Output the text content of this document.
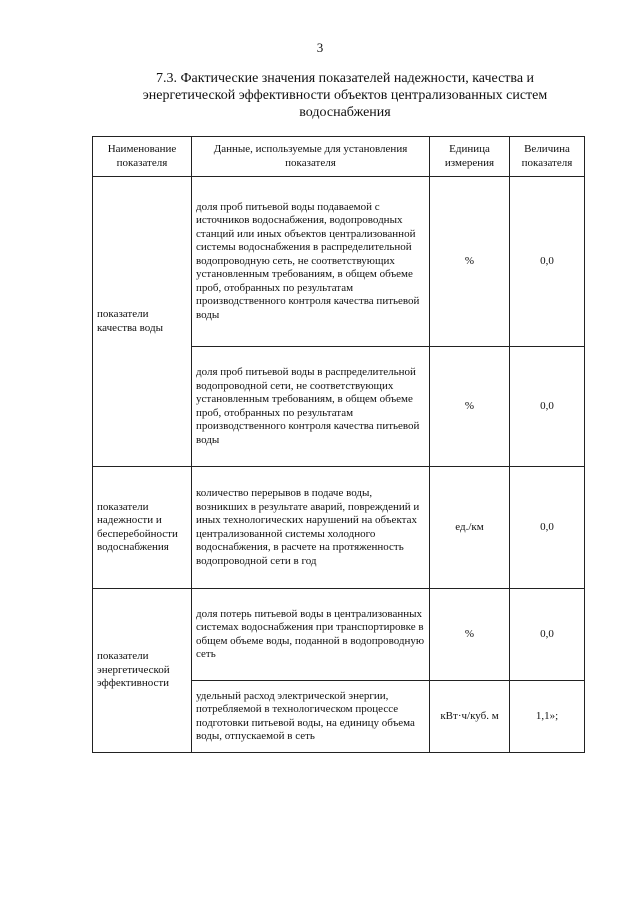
3
7.3. Фактические значения показателей надежности, качества и энергетической эффективности объектов централизованных систем водоснабжения
Наименование показателя	Данные, используемые для установления показателя	Единица измерения	Величина показателя
показатели качества воды	доля проб питьевой воды подаваемой с источников водоснабжения, водопроводных станций или иных объектов централизованной системы водоснабжения в распределительной водопроводную сеть, не соответствующих установленным требованиям, в общем объеме проб, отобранных по результатам производственного контроля качества питьевой воды	%	0,0
	доля проб питьевой воды в распределительной водопроводной сети, не соответствующих установленным требованиям, в общем объеме проб, отобранных по результатам производственного контроля качества питьевой воды	%	0,0
показатели надежности и бесперебойности водоснабжения	количество перерывов в подаче воды, возникших в результате аварий, повреждений и иных технологических нарушений на объектах централизованной системы холодного водоснабжения, в расчете на протяженность водопроводной сети в год	ед./км	0,0
показатели энергетической эффективности	доля потерь питьевой воды в централизованных системах водоснабжения при транспортировке в общем объеме воды, поданной в водопроводную сеть	%	0,0
	удельный расход электрической энергии, потребляемой в технологическом процессе подготовки питьевой воды, на единицу объема воды, отпускаемой в сеть	кВт·ч/куб. м	1,1»;
